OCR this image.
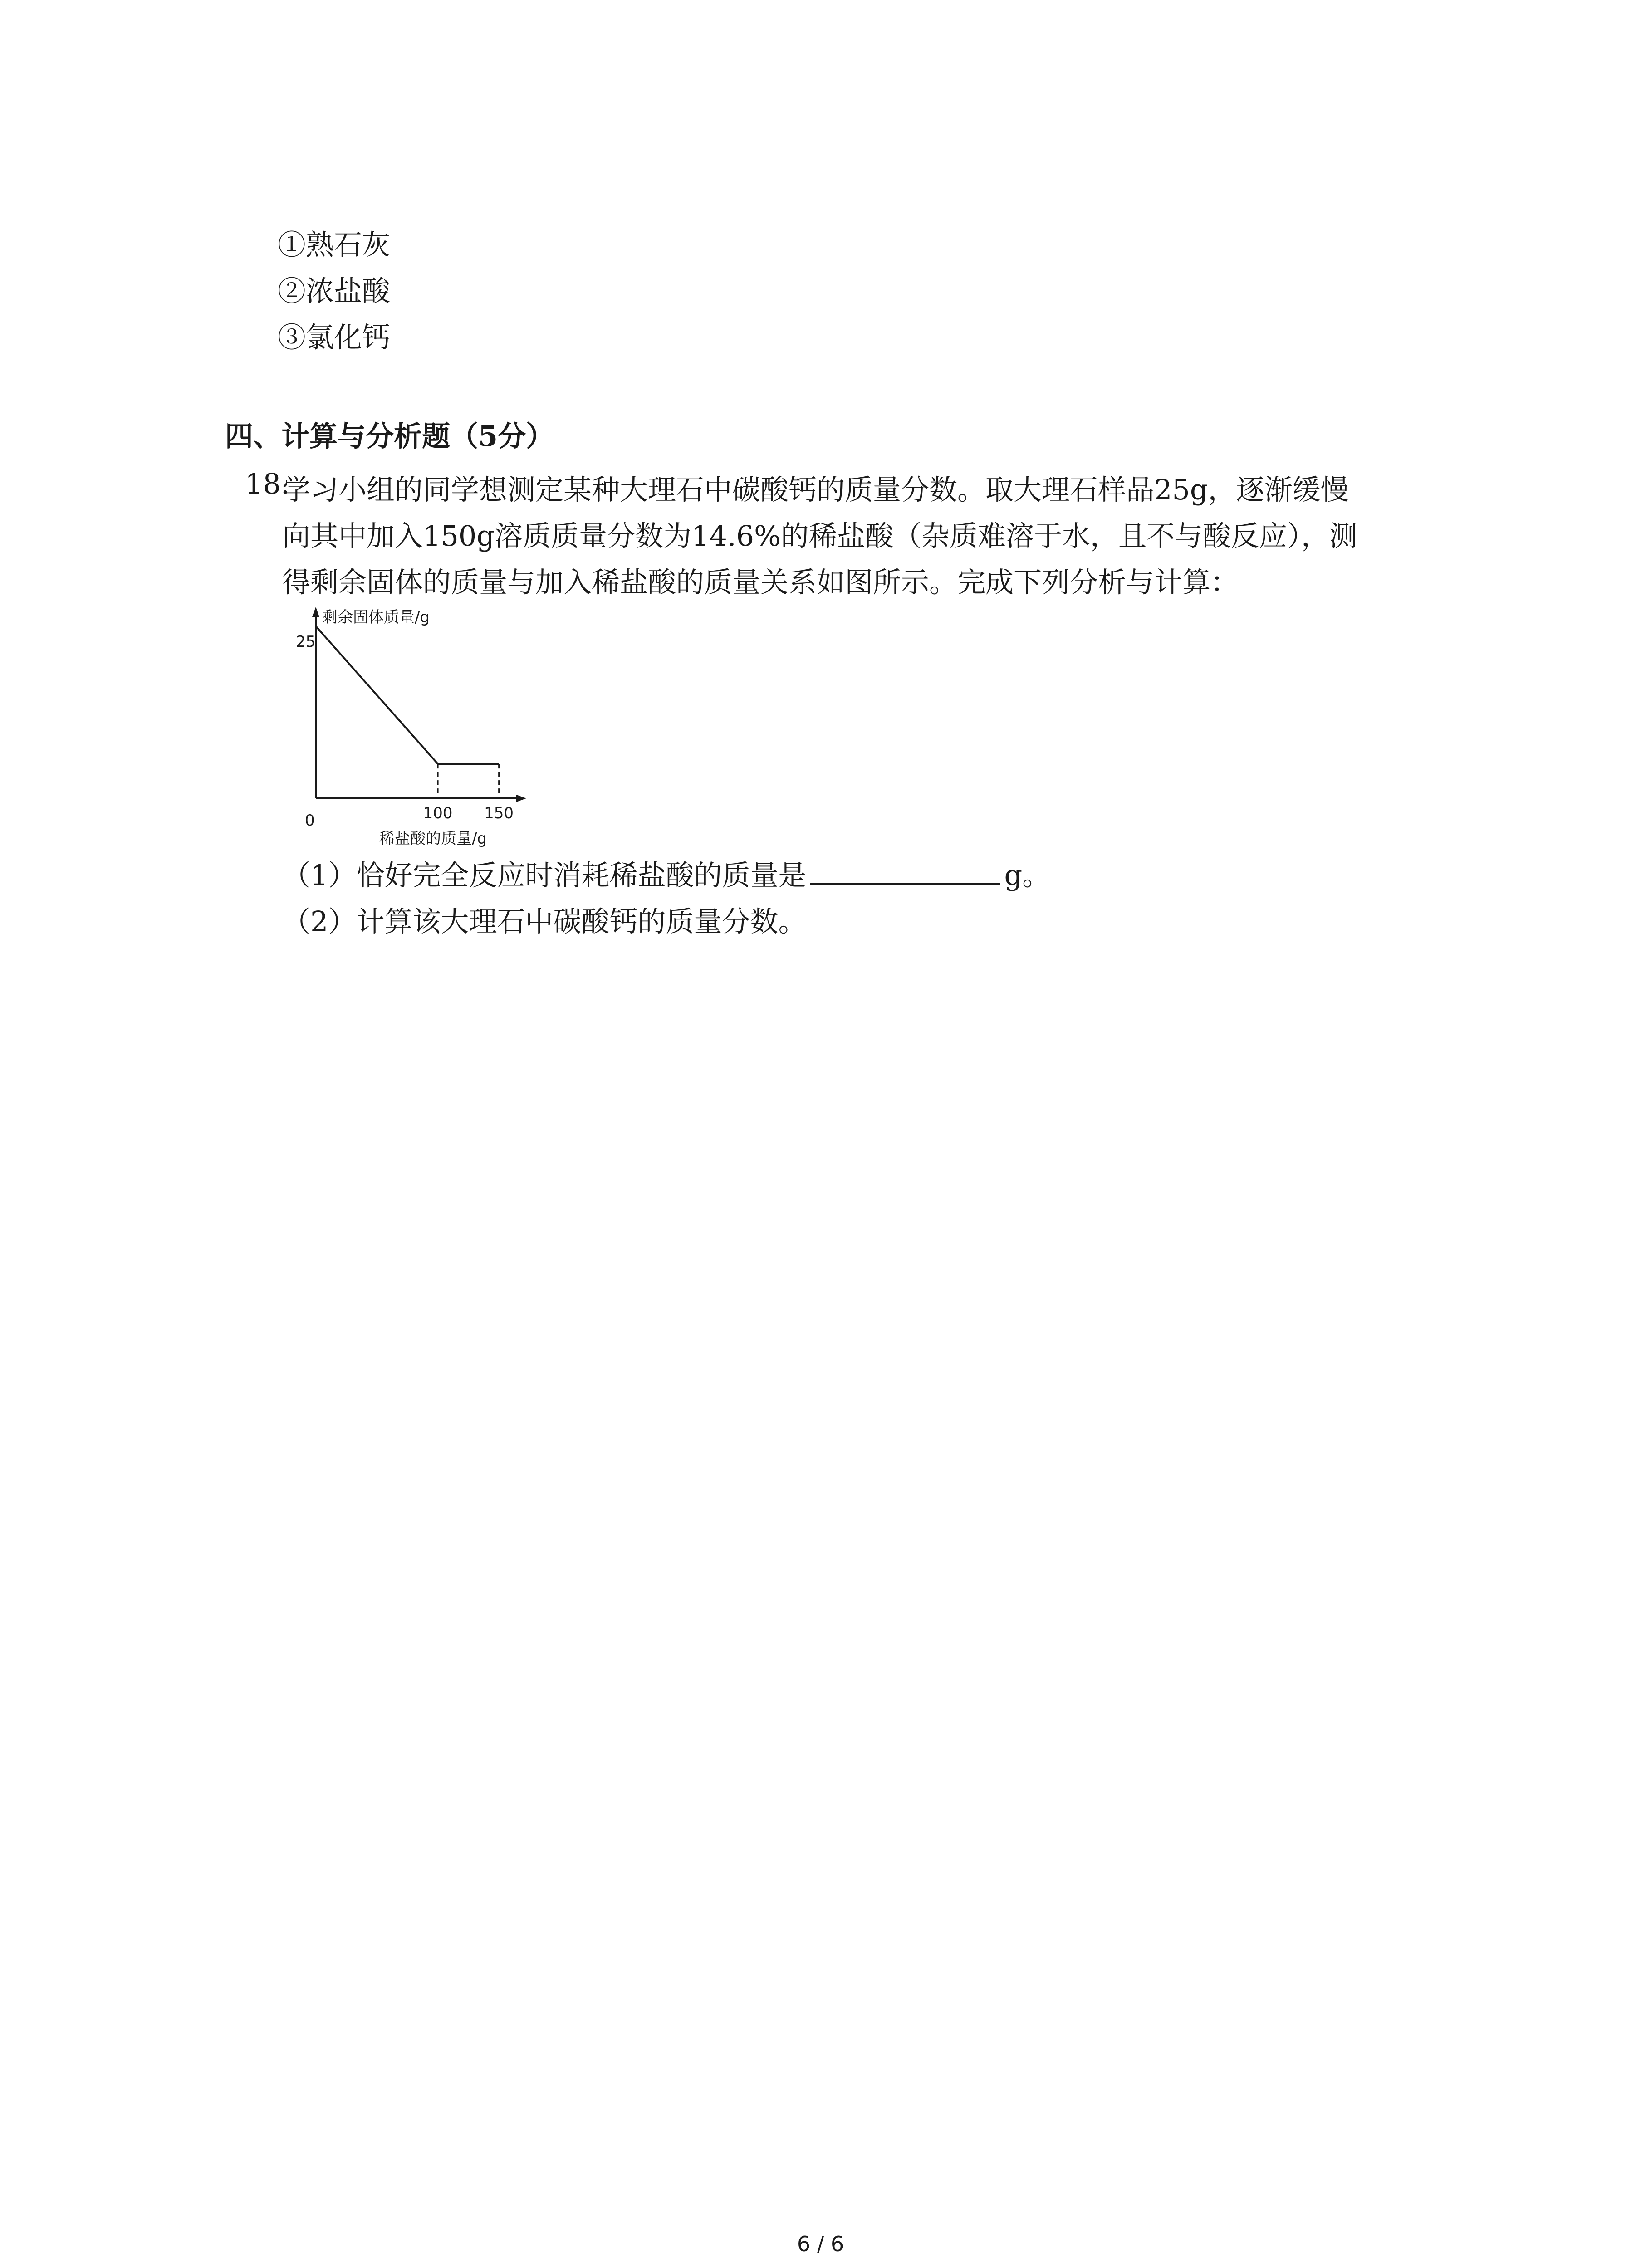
①熟石灰
②浓盐酸
③氯化钙
四、计算与分析题（5分）
18.
学习小组的同学想测定某种大理石中碳酸钙的质量分数。取大理石样品25g，逐渐缓慢
向其中加入150g溶质质量分数为14.6%的稀盐酸（杂质难溶于水，且不与酸反应），测
得剩余固体的质量与加入稀盐酸的质量关系如图所示。完成下列分析与计算：
剩余固体质量/g
稀盐酸的质量/g
0
25
100 150
（1）恰好完全反应时消耗稀盐酸的质量是	g。
（2）计算该大理石中碳酸钙的质量分数。
6 / 6
